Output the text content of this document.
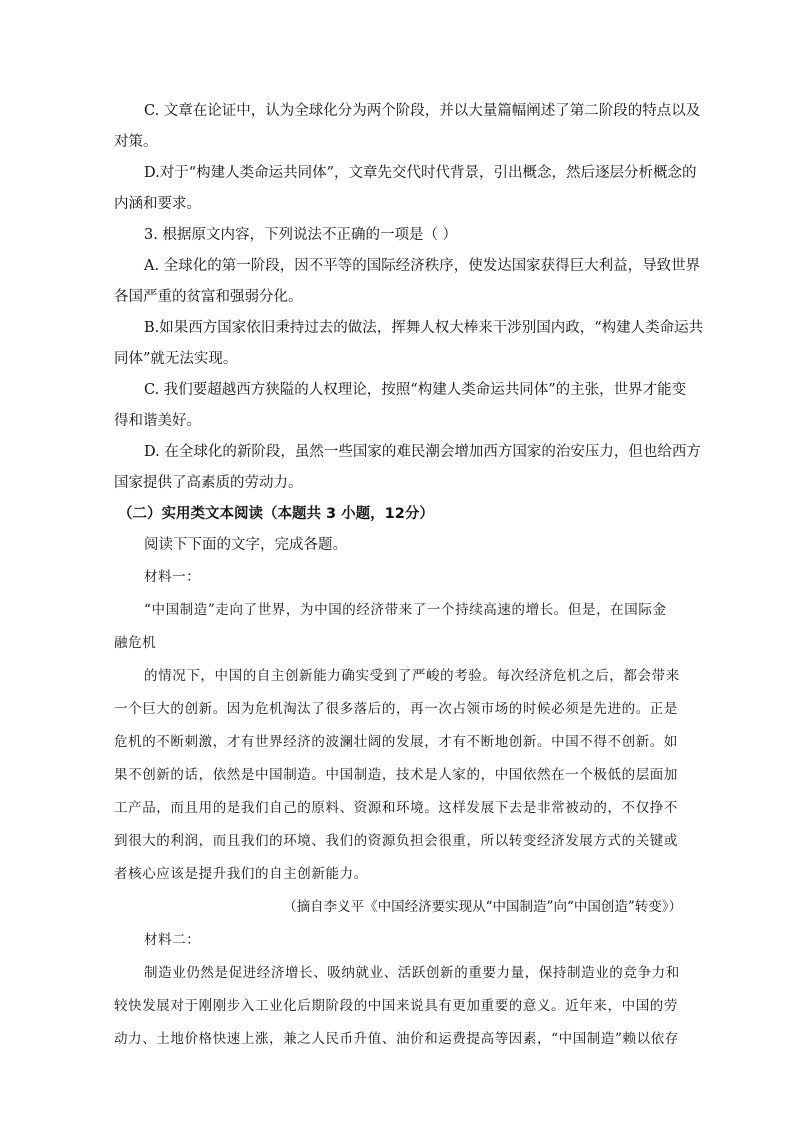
C. 文章在论证中，认为全球化分为两个阶段，并以大量篇幅阐述了第二阶段的特点以及
对策。
D.对于“构建人类命运共同体”，文章先交代时代背景，引出概念，然后逐层分析概念的
内涵和要求。
3. 根据原文内容，下列说法不正确的一项是（ ）
A. 全球化的第一阶段，因不平等的国际经济秩序，使发达国家获得巨大利益，导致世界
各国严重的贫富和强弱分化。
B.如果西方国家依旧秉持过去的做法，挥舞人权大棒来干涉别国内政，“构建人类命运共
同体”就无法实现。
C. 我们要超越西方狭隘的人权理论，按照“构建人类命运共同体”的主张，世界才能变
得和谐美好。
D. 在全球化的新阶段，虽然一些国家的难民潮会增加西方国家的治安压力，但也给西方
国家提供了高素质的劳动力。
（二）实用类文本阅读（本题共 3 小题，12分）
阅读下下面的文字，完成各题。
材料一：
“中国制造”走向了世界，为中国的经济带来了一个持续高速的增长。但是，在国际金
融危机
的情况下，中国的自主创新能力确实受到了严峻的考验。每次经济危机之后，都会带来
一个巨大的创新。因为危机淘汰了很多落后的，再一次占领市场的时候必须是先进的。正是
危机的不断刺激，才有世界经济的波澜壮阔的发展，才有不断地创新。中国不得不创新。如
果不创新的话，依然是中国制造。中国制造，技术是人家的，中国依然在一个极低的层面加
工产品，而且用的是我们自己的原料、资源和环境。这样发展下去是非常被动的，不仅挣不
到很大的利润，而且我们的环境、我们的资源负担会很重，所以转变经济发展方式的关键或
者核心应该是提升我们的自主创新能力。
（摘自李义平《中国经济要实现从“中国制造”向“中国创造”转变》）
材料二：
制造业仍然是促进经济增长、吸纳就业、活跃创新的重要力量，保持制造业的竞争力和
较快发展对于刚刚步入工业化后期阶段的中国来说具有更加重要的意义。近年来，中国的劳
动力、土地价格快速上涨，兼之人民币升值、油价和运费提高等因素，“中国制造”赖以依存
